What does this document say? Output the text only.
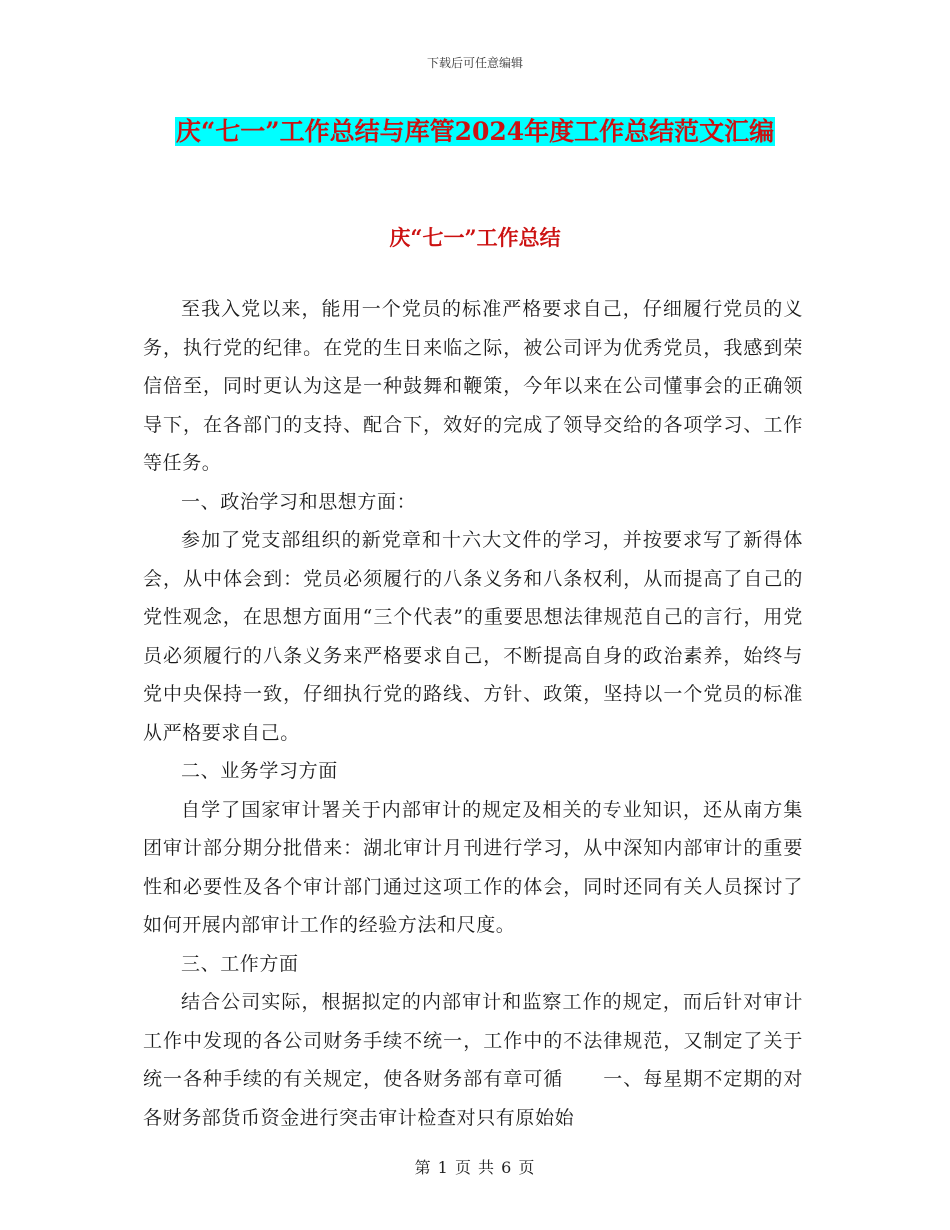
下载后可任意编辑
庆“七一”工作总结与库管2024年度工作总结范文汇编
庆“七一”工作总结

至我入党以来，能用一个党员的标准严格要求自己，仔细履行党员的义务，执行党的纪律。在党的生日来临之际，被公司评为优秀党员，我感到荣信倍至，同时更认为这是一种鼓舞和鞭策，今年以来在公司懂事会的正确领导下，在各部门的支持、配合下，效好的完成了领导交给的各项学习、工作等任务。

一、政治学习和思想方面：

参加了党支部组织的新党章和十六大文件的学习，并按要求写了新得体会，从中体会到：党员必须履行的八条义务和八条权利，从而提高了自己的党性观念，在思想方面用“三个代表”的重要思想法律规范自己的言行，用党员必须履行的八条义务来严格要求自己，不断提高自身的政治素养，始终与党中央保持一致，仔细执行党的路线、方针、政策，坚持以一个党员的标准从严格要求自己。

二、业务学习方面

自学了国家审计署关于内部审计的规定及相关的专业知识，还从南方集团审计部分期分批借来：湖北审计月刊进行学习，从中深知内部审计的重要性和必要性及各个审计部门通过这项工作的体会，同时还同有关人员探讨了如何开展内部审计工作的经验方法和尺度。

三、工作方面

结合公司实际，根据拟定的内部审计和监察工作的规定，而后针对审计工作中发现的各公司财务手续不统一，工作中的不法律规范，又制定了关于统一各种手续的有关规定，使各财务部有章可循　　一、每星期不定期的对各财务部货币资金进行突击审计检查对只有原始始

第 1 页 共 6 页
